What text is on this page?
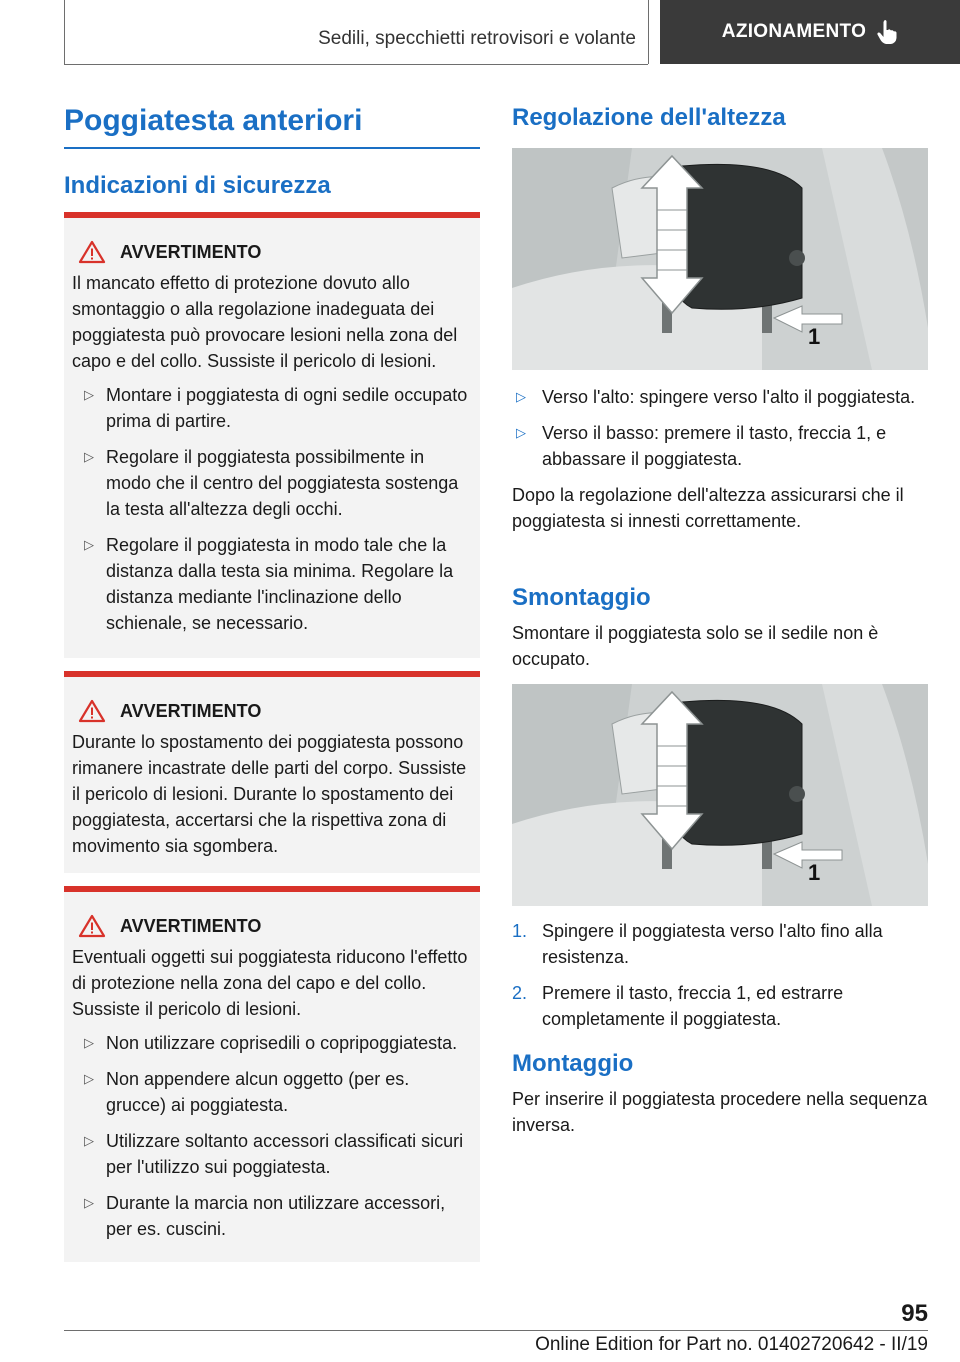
Sedili, specchietti retrovisori e volante	AZIONAMENTO
Poggiatesta anteriori
Indicazioni di sicurezza
AVVERTIMENTO

Il mancato effetto di protezione dovuto allo smontaggio o alla regolazione inadeguata dei poggiatesta può provocare lesioni nella zona del capo e del collo. Sussiste il pericolo di lesioni.

▷ Montare i poggiatesta di ogni sedile occupato prima di partire.
▷ Regolare il poggiatesta possibilmente in modo che il centro del poggiatesta sostenga la testa all'altezza degli occhi.
▷ Regolare il poggiatesta in modo tale che la distanza dalla testa sia minima. Regolare la distanza mediante l'inclinazione dello schienale, se necessario.
AVVERTIMENTO

Durante lo spostamento dei poggiatesta possono rimanere incastrate delle parti del corpo. Sussiste il pericolo di lesioni. Durante lo spostamento dei poggiatesta, accertarsi che la rispettiva zona di movimento sia sgombera.

AVVERTIMENTO

Eventuali oggetti sui poggiatesta riducono l'effetto di protezione nella zona del capo e del collo. Sussiste il pericolo di lesioni.

▷ Non utilizzare coprisedili o copripoggiatesta.
▷ Non appendere alcun oggetto (per es. grucce) ai poggiatesta.
▷ Utilizzare soltanto accessori classificati sicuri per l'utilizzo sui poggiatesta.
▷ Durante la marcia non utilizzare accessori, per es. cuscini.
Regolazione dell'altezza
1
▷ Verso l'alto: spingere verso l'alto il poggiatesta.
▷ Verso il basso: premere il tasto, freccia 1, e abbassare il poggiatesta.

Dopo la regolazione dell'altezza assicurarsi che il poggiatesta si innesti correttamente.

Smontaggio

Smontare il poggiatesta solo se il sedile non è occupato.

1
1. Spingere il poggiatesta verso l'alto fino alla resistenza.
2. Premere il tasto, freccia 1, ed estrarre completamente il poggiatesta.
Montaggio

Per inserire il poggiatesta procedere nella sequenza inversa.

95
Online Edition for Part no. 01402720642 - II/19
